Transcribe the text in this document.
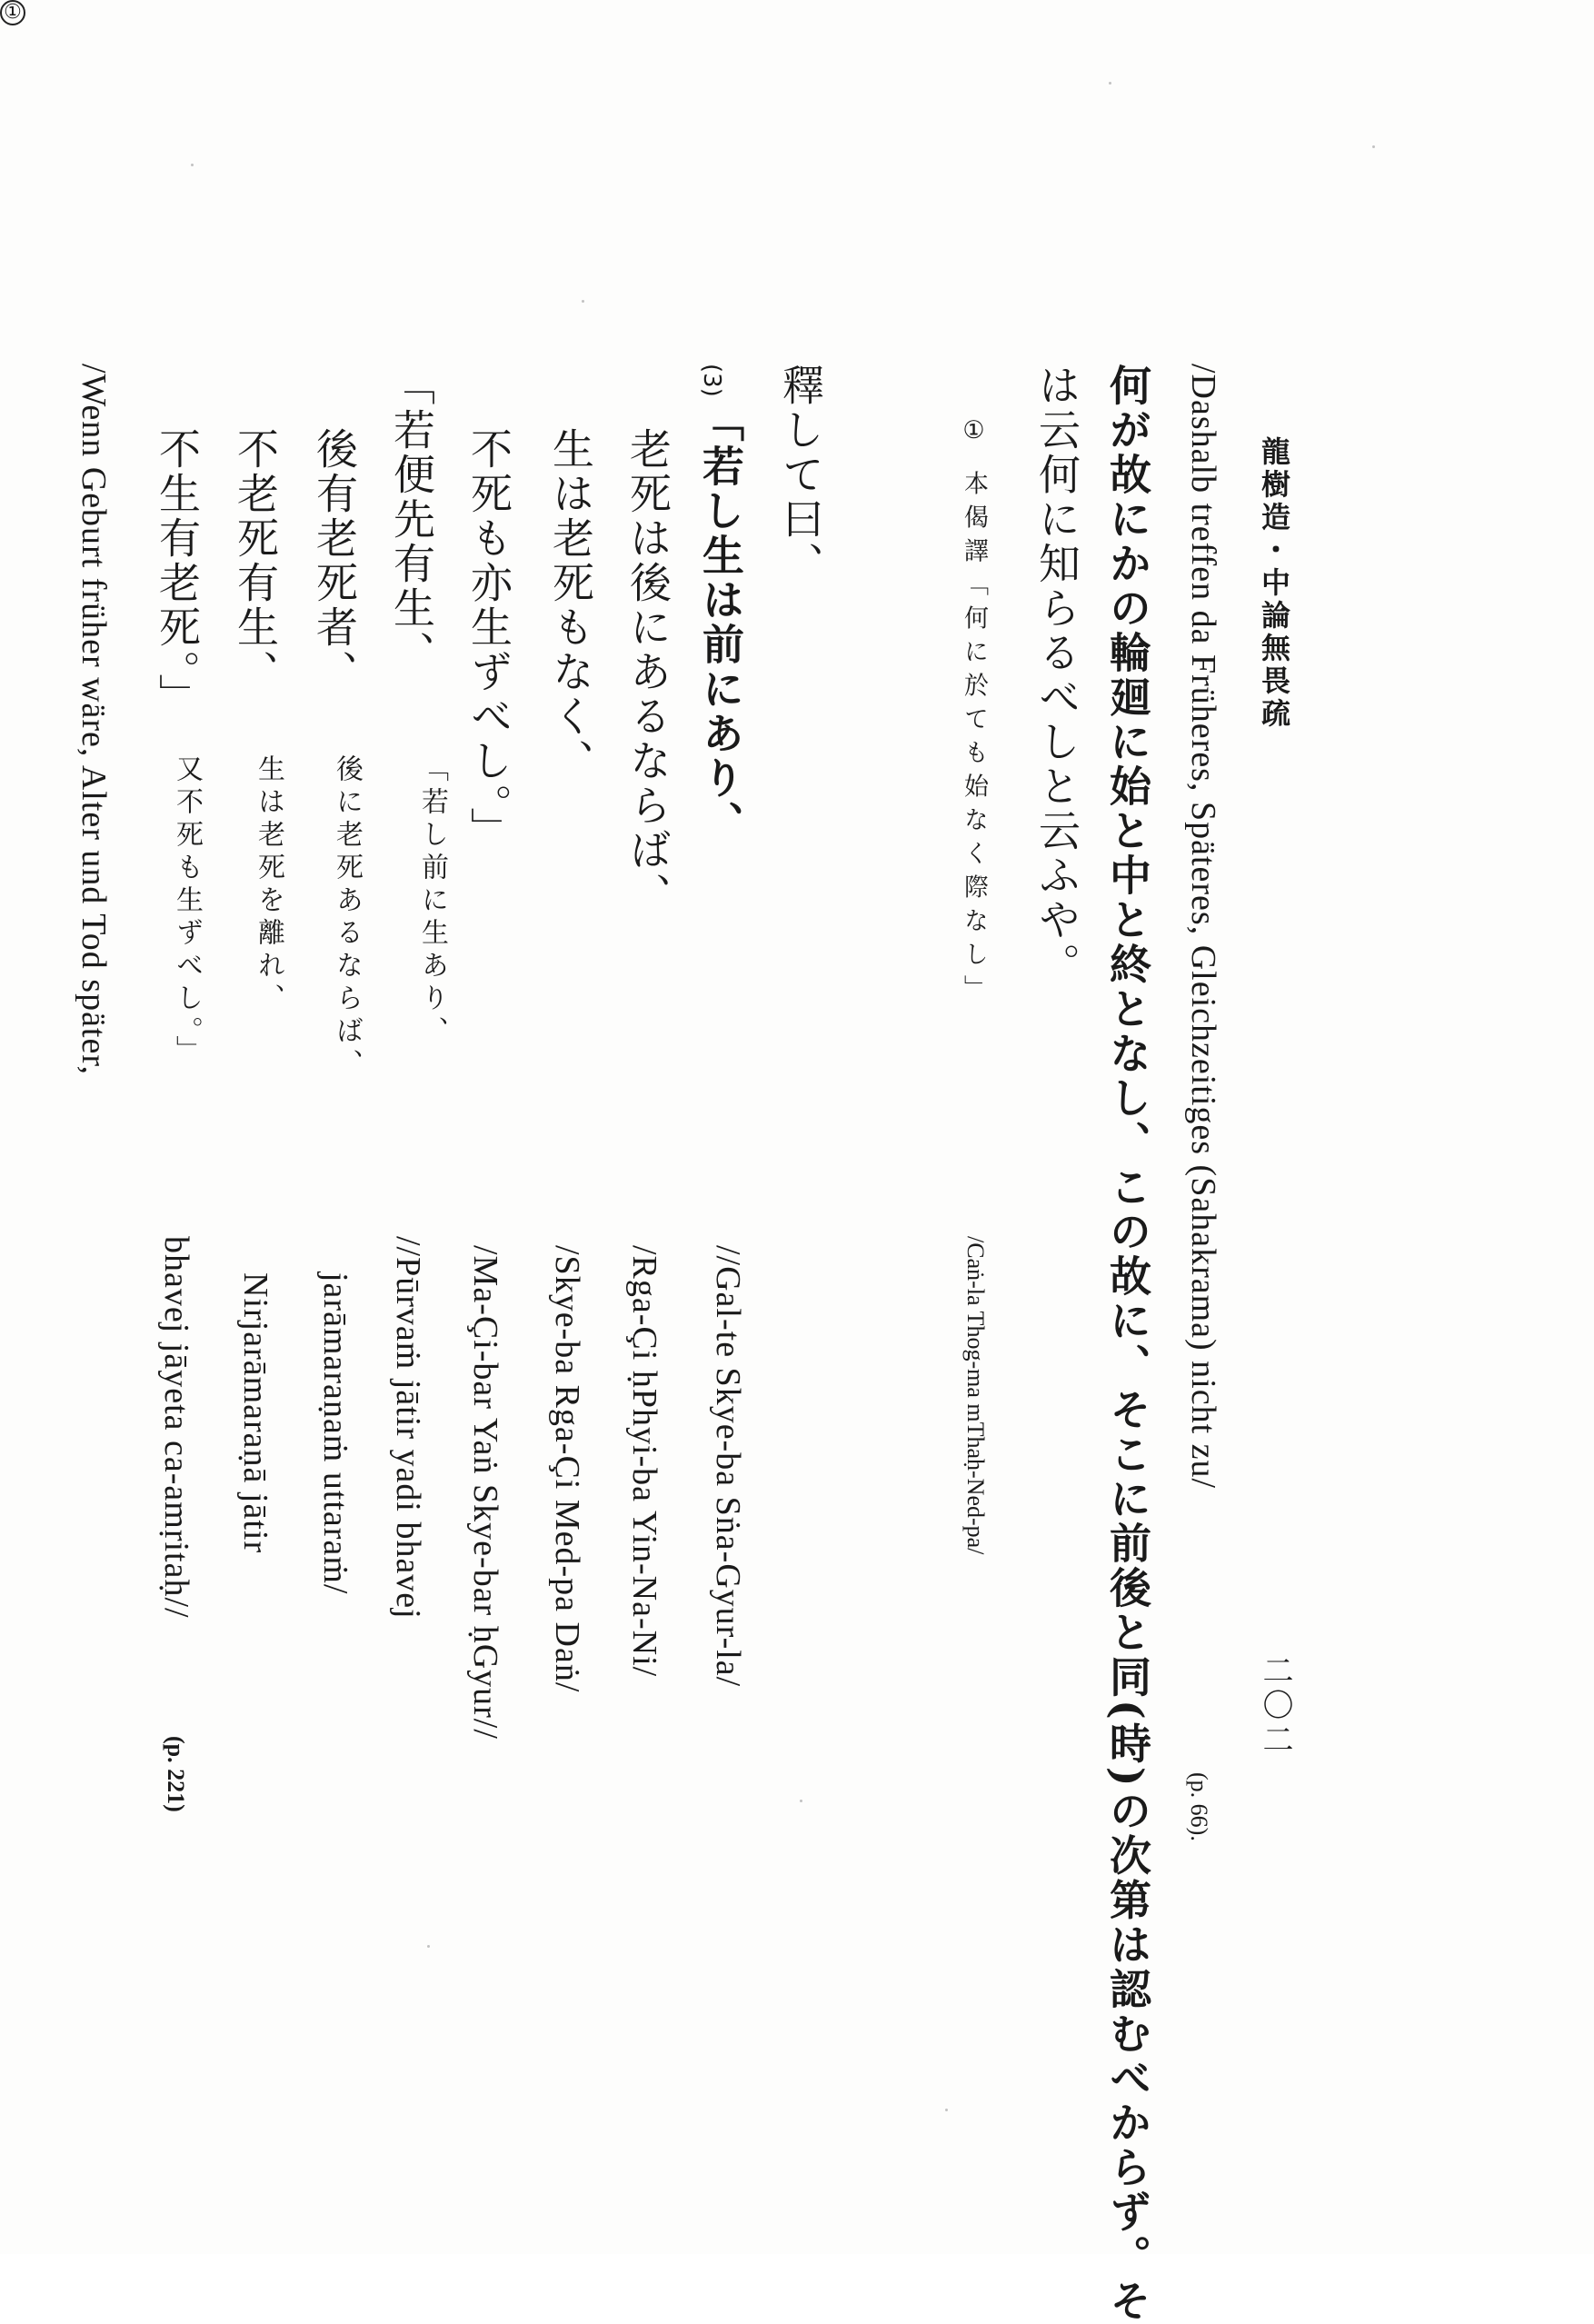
龍樹造・中論無畏疏
二〇二
/Dashalb treffen da Früheres, Späteres, Gleichzeitiges (Sahakrama) nicht zu/
(p. 66).
何が故にかの輪廻に始と中と終となし、この故に、そこに前後と同(時)の次第は認むべからず。そ
は云何に知らるべしと云ふや。
① 本偈譯「何に於ても始なく際なし」
/Caṅ-la Thog-ma mThaḥ-Ned-pa/
釋して曰、
(3)
「若し生は前にあり、
//Gal-te Skye-ba Sṅa-Gyur-la/
老死は後にあるならば、
①
/Rga-Çi ḥPhyi-ba Yin-Na-Ni/
生は老死もなく、
/Skye-ba Rga-Çi Med-pa Daṅ/
不死も亦生ずべし。」
/Ma-Çi-bar Yaṅ Skye-bar ḥGyur//
「若便先有生、
「若し前に生あり、
//Pūrvaṁ jātir yadi bhavej
後有老死者、
後に老死あるならば、
jarāmaraṇaṁ uttaraṁ/
不老死有生、
生は老死を離れ、
Nirjarāmaraṇā jātir
不生有老死。」
又不死も生ずべし。」
bhavej jāyeta ca-amṛitaḥ//
(p. 221)
/Wenn Geburt früher wäre, Alter und Tod später,
